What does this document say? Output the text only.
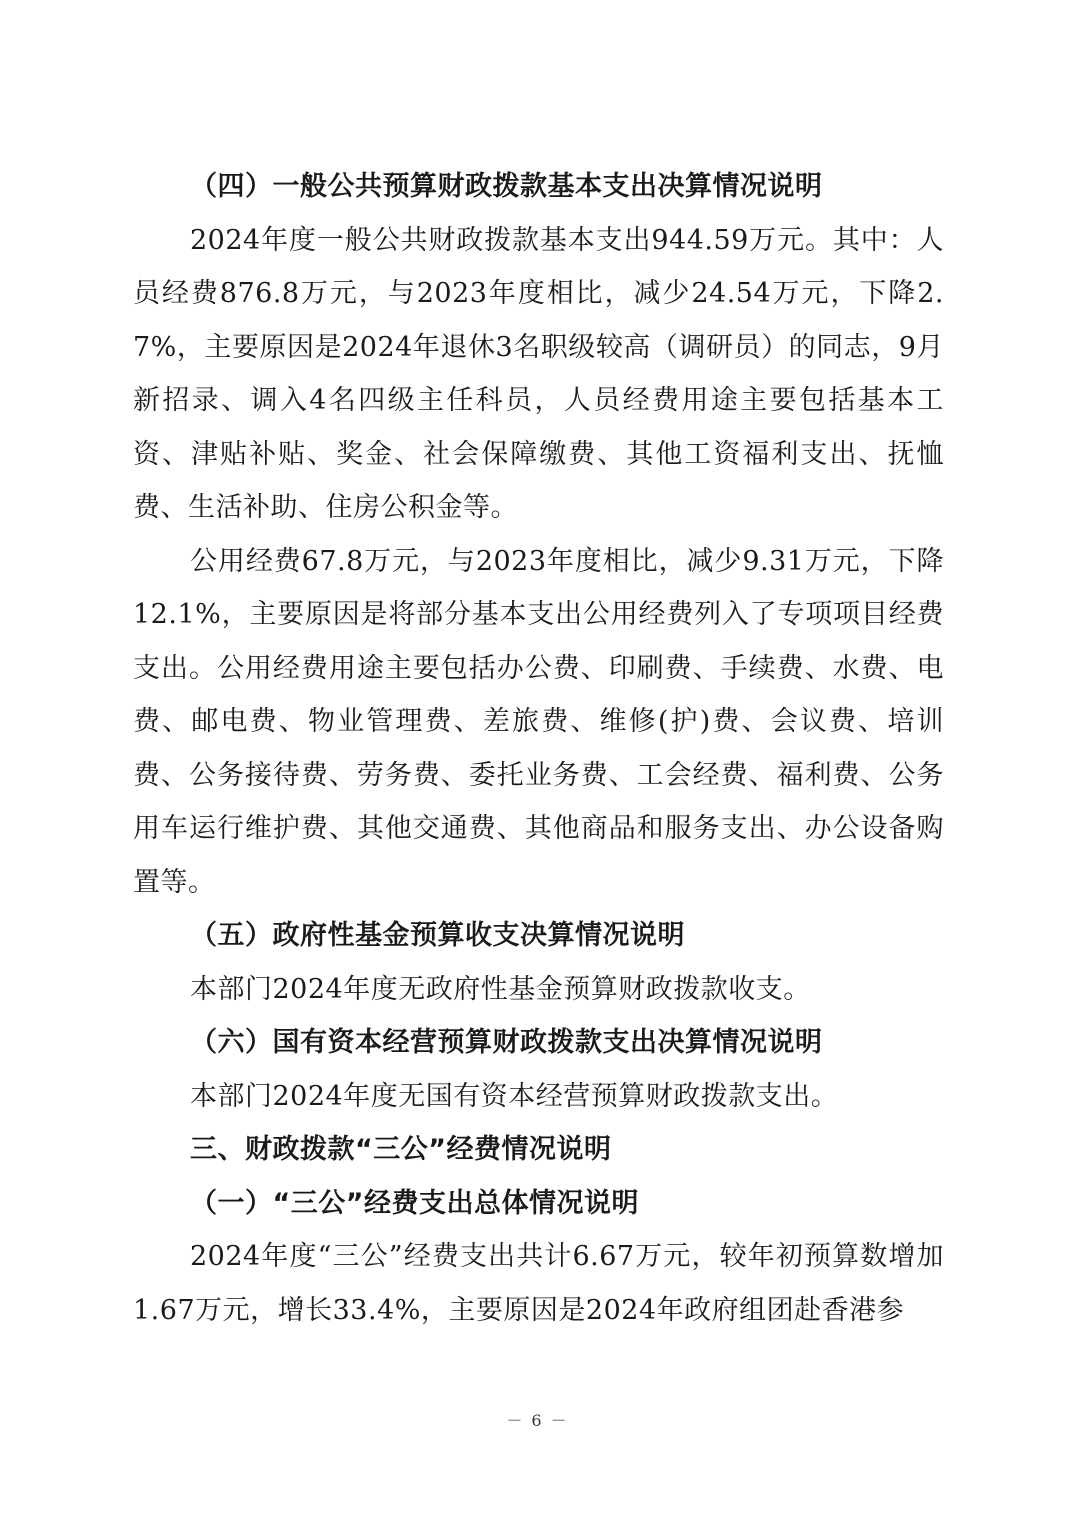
（四）一般公共预算财政拨款基本支出决算情况说明

2024年度一般公共财政拨款基本支出944.59万元。其中：人员经费876.8万元，与2023年度相比，减少24.54万元，下降2.7%，主要原因是2024年退休3名职级较高（调研员）的同志，9月新招录、调入4名四级主任科员，人员经费用途主要包括基本工资、津贴补贴、奖金、社会保障缴费、其他工资福利支出、抚恤费、生活补助、住房公积金等。

公用经费67.8万元，与2023年度相比，减少9.31万元，下降 12.1%，主要原因是将部分基本支出公用经费列入了专项项目经费支出。公用经费用途主要包括办公费、印刷费、手续费、水费、电费、邮电费、物业管理费、差旅费、维修(护)费、会议费、培训费、公务接待费、劳务费、委托业务费、工会经费、福利费、公务用车运行维护费、其他交通费、其他商品和服务支出、办公设备购置等。

（五）政府性基金预算收支决算情况说明

本部门2024年度无政府性基金预算财政拨款收支。

（六）国有资本经营预算财政拨款支出决算情况说明

本部门2024年度无国有资本经营预算财政拨款支出。

三、财政拨款“三公”经费情况说明

（一）“三公”经费支出总体情况说明

2024年度“三公”经费支出共计6.67万元，较年初预算数增加1.67万元，增长33.4%，主要原因是2024年政府组团赴香港参

－ 6 －
